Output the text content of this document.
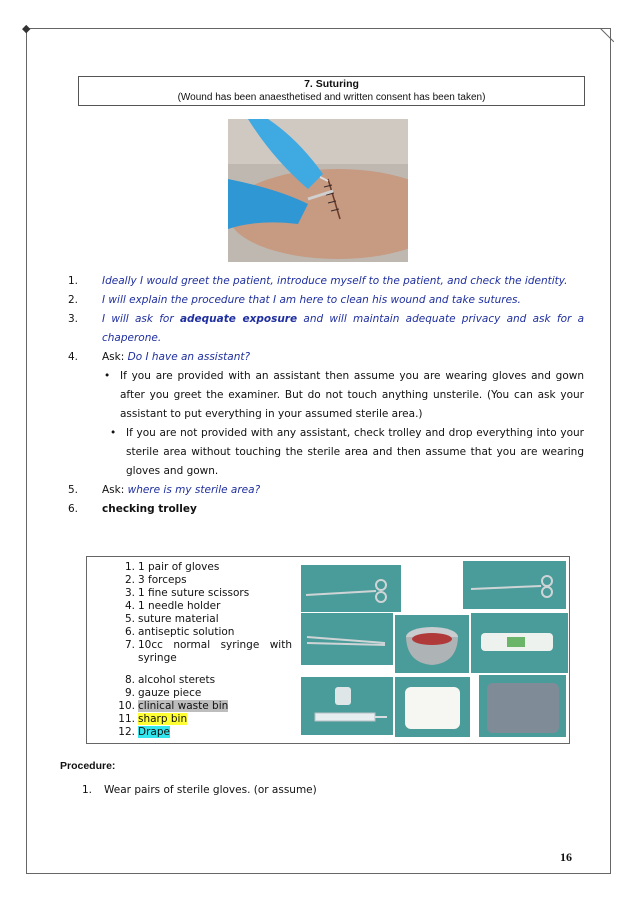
◆
7. Suturing
(Wound has been anaesthetised and written consent has been taken)
1. Ideally I would greet the patient, introduce myself to the patient, and check the identity.
2. I will explain the procedure that I am here to clean his wound and take sutures.
3. I will ask for adequate exposure and will maintain adequate privacy and ask for a chaperone.
4. Ask: Do I have an assistant?
• If you are provided with an assistant then assume you are wearing gloves and gown after you greet the examiner. But do not touch anything unsterile. (You can ask your assistant to put everything in your assumed sterile area.)
• If you are not provided with any assistant, check trolley and drop everything into your sterile area without touching the sterile area and then assume that you are wearing gloves and gown.
5. Ask: where is my sterile area?
6. checking trolley
1. 1 pair of gloves
2. 3 forceps
3. 1 fine suture scissors
4. 1 needle holder
5. suture material
6. antiseptic solution
7. 10cc normal syringe with syringe
8. alcohol sterets
9. gauze piece
10. clinical waste bin
11. sharp bin
12. Drape
Procedure:
1. Wear pairs of sterile gloves. (or assume)
16
